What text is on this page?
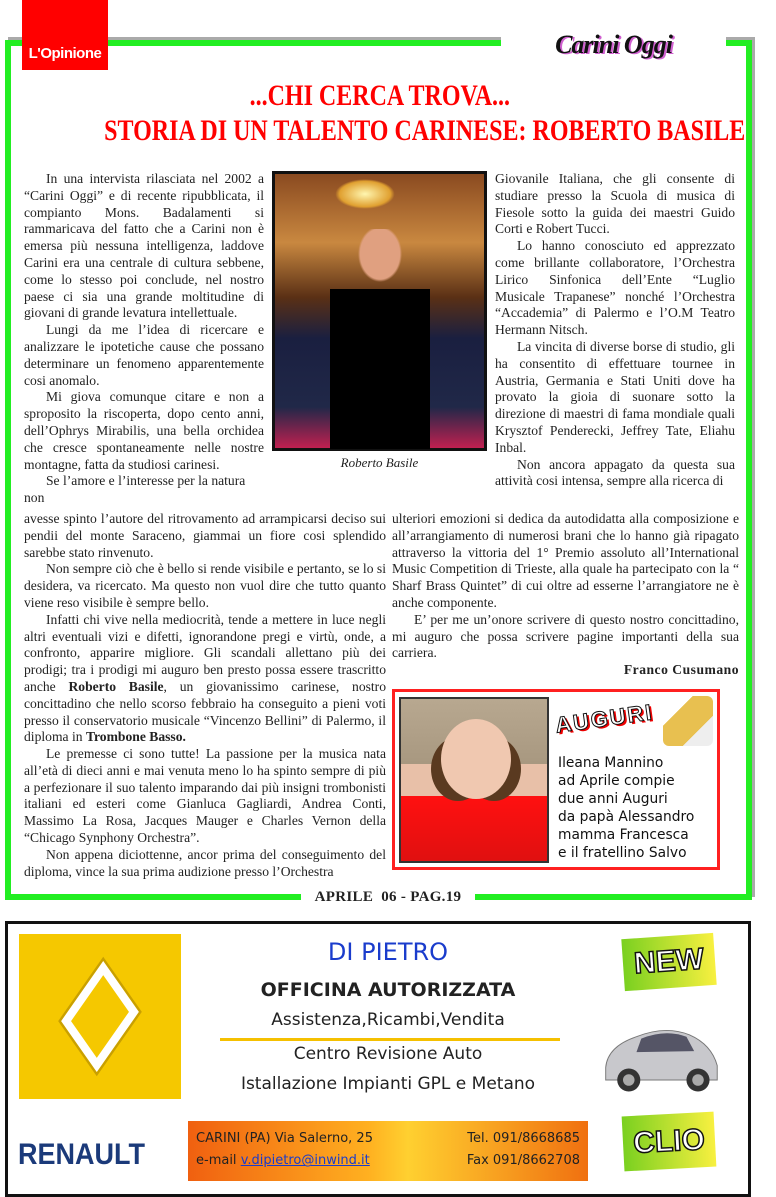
L'Opinione	Carini Oggi
...CHI CERCA TROVA...
STORIA DI UN TALENTO CARINESE: ROBERTO BASILE

In una intervista rilasciata nel 2002 a “Carini Oggi” e di recente ripubblicata, il compianto Mons. Badalamenti si rammaricava del fatto che a Carini non è emersa più nessuna intelligenza, laddove Carini era una centrale di cultura sebbene, come lo stesso poi conclude, nel nostro paese ci sia una grande moltitudine di giovani di grande levatura intellettuale.

Lungi da me l’idea di ricercare e analizzare le ipotetiche cause che possano determinare un fenomeno apparentemente cosi anomalo.

Mi giova comunque citare e non a sproposito la riscoperta, dopo cento anni, dell’Ophrys Mirabilis, una bella orchidea che cresce spontaneamente nelle nostre montagne, fatta da studiosi carinesi.

Se l’amore e l’interesse per la natura non

Roberto Basile

Giovanile Italiana, che gli consente di studiare presso la Scuola di musica di Fiesole sotto la guida dei maestri Guido Corti e Robert Tucci.

Lo hanno conosciuto ed apprezzato come brillante collaboratore, l’Orchestra Lirico Sinfonica dell’Ente “Luglio Musicale Trapanese” nonché l’Orchestra “Accademia” di Palermo e l’O.M Teatro Hermann Nitsch.

La vincita di diverse borse di studio, gli ha consentito di effettuare tournee in Austria, Germania e Stati Uniti dove ha provato la gioia di suonare sotto la direzione di maestri di fama mondiale quali Krysztof Penderecki, Jeffrey Tate, Eliahu Inbal.

Non ancora appagato da questa sua attività cosi intensa, sempre alla ricerca di

avesse spinto l’autore del ritrovamento ad arrampicarsi deciso sui pendii del monte Saraceno, giammai un fiore cosi splendido sarebbe stato rinvenuto.

Non sempre ciò che è bello si rende visibile e pertanto, se lo si desidera, va ricercato. Ma questo non vuol dire che tutto quanto viene reso visibile è sempre bello.

Infatti chi vive nella mediocrità, tende a mettere in luce negli altri eventuali vizi e difetti, ignorandone pregi e virtù, onde, a confronto, apparire migliore. Gli scandali allettano più dei prodigi; tra i prodigi mi auguro ben presto possa essere trascritto anche Roberto Basile, un giovanissimo carinese, nostro concittadino che nello scorso febbraio ha conseguito a pieni voti presso il conservatorio musicale “Vincenzo Bellini” di Palermo, il diploma in Trombone Basso.

Le premesse ci sono tutte! La passione per la musica nata all’età di dieci anni e mai venuta meno lo ha spinto sempre di più a perfezionare il suo talento imparando dai più insigni trombonisti italiani ed esteri come Gianluca Gagliardi, Andrea Conti, Massimo La Rosa, Jacques Mauger e Charles Vernon della “Chicago Synphony Orchestra”.

Non appena diciottenne, ancor prima del conseguimento del diploma, vince la sua prima audizione presso l’Orchestra

ulteriori emozioni si dedica da autodidatta alla composizione e all’arrangiamento di numerosi brani che lo hanno già ripagato attraverso la vittoria del 1° Premio assoluto all’International Music Competition di Trieste, alla quale ha partecipato con la “ Sharf Brass Quintet” di cui oltre ad esserne l’arrangiatore ne è anche componente.

E’ per me un’onore scrivere di questo nostro concittadino, mi auguro che possa scrivere pagine importanti della sua carriera.

Franco Cusumano

AUGURI
Ileana Mannino
ad Aprile compie
due anni Auguri
da papà Alessandro
mamma Francesca
e il fratellino Salvo
APRILE  06 - PAG.19
RENAULT
DI PIETRO
OFFICINA AUTORIZZATA
Assistenza,Ricambi,Vendita
Centro Revisione Auto
Istallazione Impianti GPL e Metano
CARINI (PA) Via Salerno, 25	Tel. 091/8668685
e-mail v.dipietro@inwind.it	Fax 091/8662708
NEW
CLIO
